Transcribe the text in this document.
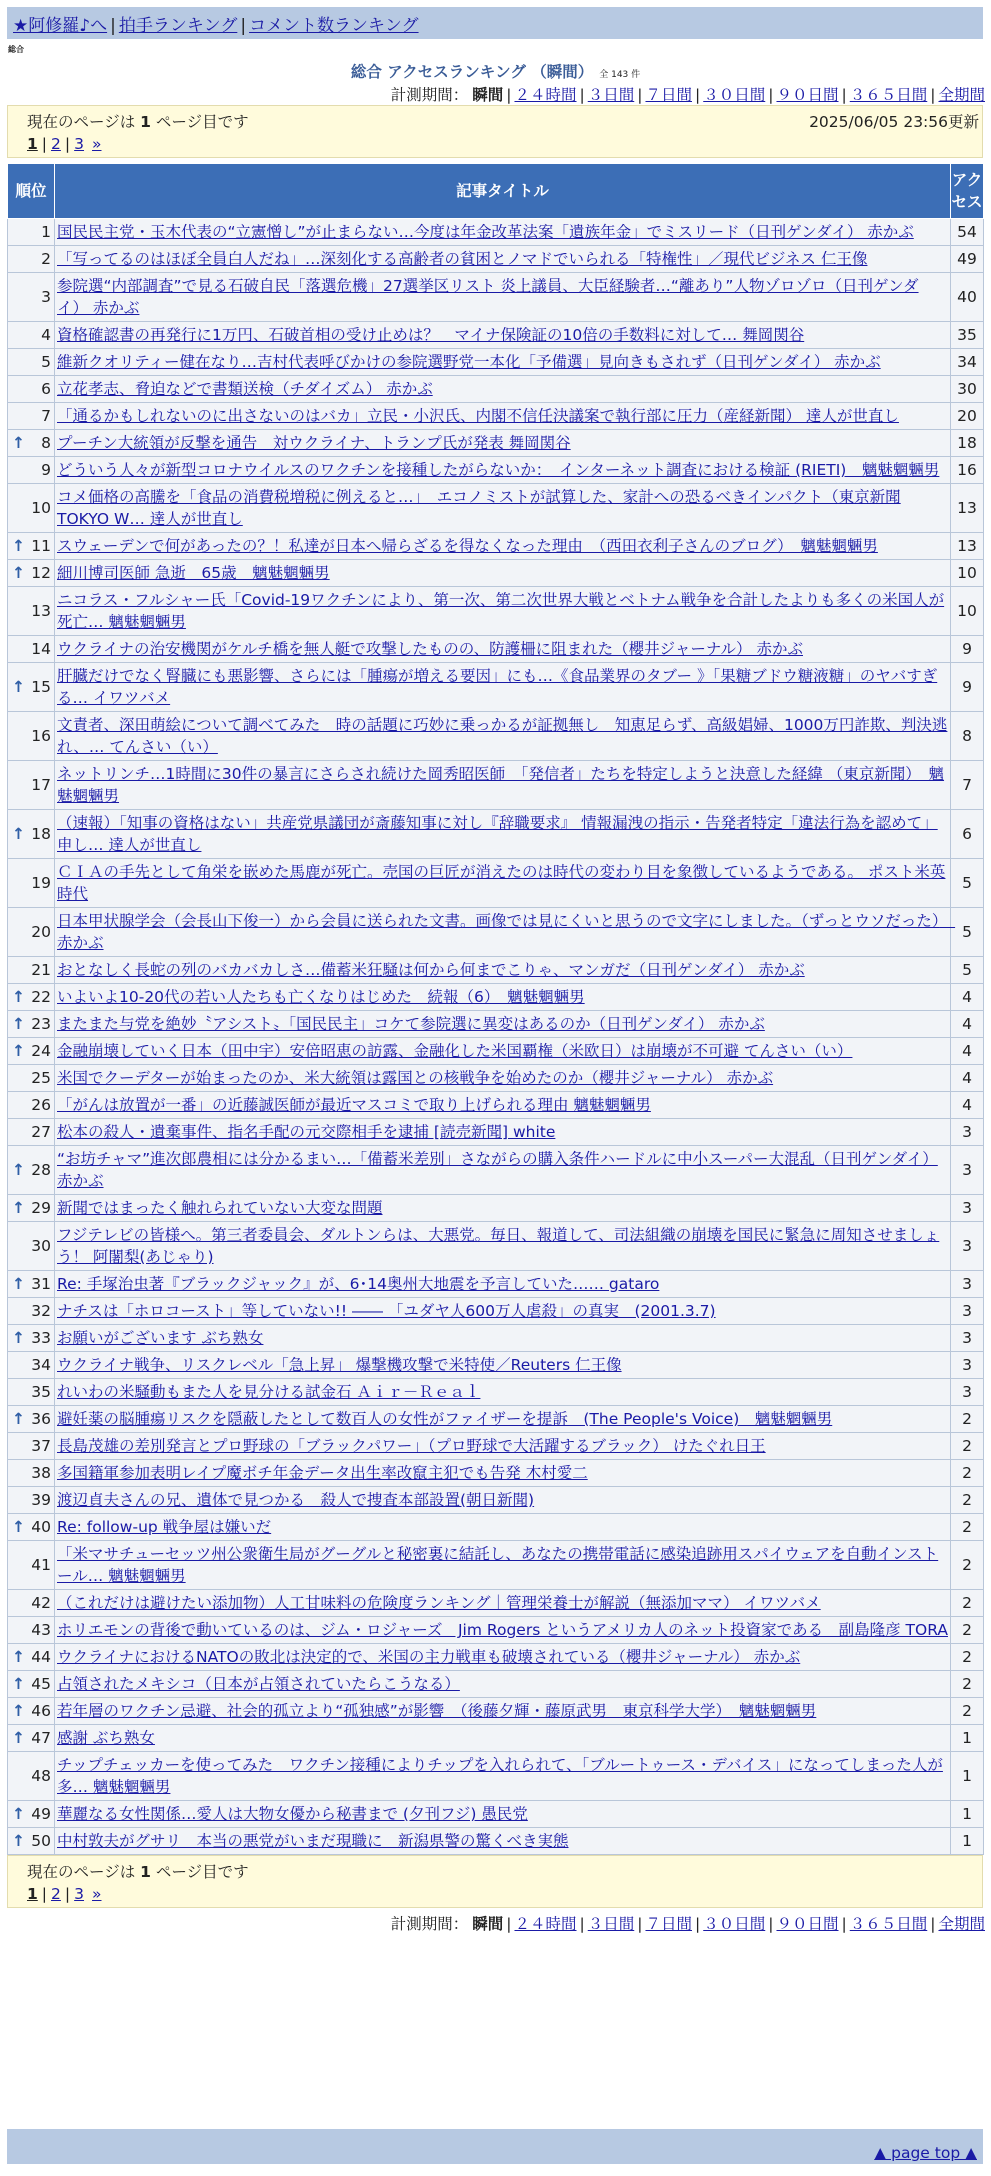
★阿修羅♪へ | 拍手ランキング | コメント数ランキング
総合
総合 アクセスランキング （瞬間） 全 143 件
計測期間： 瞬間 | ２４時間 | ３日間 | ７日間 | ３０日間 | ９０日間 | ３６５日間 | 全期間
現在のページは 1 ページ目です	2025/06/05 23:56更新
1 | 2 | 3 »
順位	記事タイトル	アクセス
1	国民民主党・玉木代表の“立憲憎し”が止まらない…今度は年金改革法案「遺族年金」でミスリード（日刊ゲンダイ） 赤かぶ	54
2	「写ってるのはほぼ全員白人だね」…深刻化する高齢者の貧困とノマドでいられる「特権性」／現代ビジネス 仁王像	49
3	参院選“内部調査”で見る石破自民「落選危機」27選挙区リスト 炎上議員、大臣経験者…“離あり”人物ゾロゾロ（日刊ゲンダイ） 赤かぶ	40
4	資格確認書の再発行に1万円、石破首相の受け止めは？　マイナ保険証の10倍の手数料に対して… 舞岡関谷	35
5	維新クオリティー健在なり…吉村代表呼びかけの参院選野党一本化「予備選」見向きもされず（日刊ゲンダイ） 赤かぶ	34
6	立花孝志、脅迫などで書類送検（チダイズム） 赤かぶ	30
7	「通るかもしれないのに出さないのはバカ」立民・小沢氏、内閣不信任決議案で執行部に圧力（産経新聞） 達人が世直し	20

↑ 8	プーチン大統領が反撃を通告　対ウクライナ、トランプ氏が発表 舞岡関谷	18
9	どういう人々が新型コロナウイルスのワクチンを接種したがらないか：　インターネット調査における検証 (RIETI)　魑魅魍魎男	16
10	コメ価格の高騰を「食品の消費税増税に例えると…」　エコノミストが試算した、家計への恐るべきインパクト（東京新聞TOKYO W… 達人が世直し	13

↑ 11	スウェーデンで何があったの？！私達が日本へ帰らざるを得なくなった理由　（西田衣利子さんのブログ）　魑魅魍魎男	13

↑ 12	細川博司医師 急逝　65歳　魑魅魍魎男	10
13	ニコラス・フルシャー氏「Covid-19ワクチンにより、第一次、第二次世界大戦とベトナム戦争を合計したよりも多くの米国人が死亡… 魑魅魍魎男	10
14	ウクライナの治安機関がケルチ橋を無人艇で攻撃したものの、防護柵に阻まれた（櫻井ジャーナル） 赤かぶ	9

↑ 15	肝臓だけでなく腎臓にも悪影響、さらには「腫瘍が増える要因」にも…《食品業界のタブー 》「果糖ブドウ糖液糖」のヤバすぎる… イワツバメ	9
16	文責者、深田萌絵について調べてみた　時の話題に巧妙に乗っかるが証拠無し　知恵足らず、高級娼婦、1000万円詐欺、判決逃れ、… てんさい（い）	8
17	ネットリンチ…1時間に30件の暴言にさらされ続けた岡秀昭医師　「発信者」たちを特定しようと決意した経緯 （東京新聞）　魑魅魍魎男	7

↑ 18	（速報）「知事の資格はない」共産党県議団が斎藤知事に対し『辞職要求』 情報漏洩の指示・告発者特定「違法行為を認めて」申し… 達人が世直し	6
19	ＣＩＡの手先として角栄を嵌めた馬鹿が死亡。売国の巨匠が消えたのは時代の変わり目を象徴しているようである。 ポスト米英時代	5
20	日本甲状腺学会（会長山下俊一）から会員に送られた文書。画像では見にくいと思うので文字にしました。（ずっとウソだった）　赤かぶ	5
21	おとなしく長蛇の列のバカバカしさ…備蓄米狂騒は何から何までこりゃ、マンガだ（日刊ゲンダイ） 赤かぶ	5

↑ 22	いよいよ10-20代の若い人たちも亡くなりはじめた　続報（6）　魑魅魍魎男	4

↑ 23	またまた与党を絶妙〝アシスト〟「国民民主」コケて参院選に異変はあるのか（日刊ゲンダイ） 赤かぶ	4

↑ 24	金融崩壊していく日本（田中宇）安倍昭恵の訪露、金融化した米国覇権（米欧日）は崩壊が不可避 てんさい（い）	4
25	米国でクーデターが始まったのか、米大統領は露国との核戦争を始めたのか（櫻井ジャーナル） 赤かぶ	4
26	「がんは放置が一番」の近藤誠医師が最近マスコミで取り上げられる理由 魑魅魍魎男	4
27	松本の殺人・遺棄事件、指名手配の元交際相手を逮捕 [読売新聞] white	3

↑ 28	“お坊チャマ”進次郎農相には分かるまい…「備蓄米差別」さながらの購入条件ハードルに中小スーパー大混乱（日刊ゲンダイ） 赤かぶ	3

↑ 29	新聞ではまったく触れられていない大変な問題	3
30	フジテレビの皆様へ。第三者委員会、ダルトンらは、大悪党。毎日、報道して、司法組織の崩壊を国民に緊急に周知させましょう！ 阿闍梨(あじゃり)	3

↑ 31	Re: 手塚治虫著『ブラックジャック』が、6･14奥州大地震を予言していた…… gataro	3
32	ナチスは「ホロコースト」等していない!! ―― 「ユダヤ人600万人虐殺」の真実　(2001.3.7)	3

↑ 33	お願いがございます ぶち熟女	3
34	ウクライナ戦争、リスクレベル「急上昇」 爆撃機攻撃で米特使／Reuters 仁王像	3
35	れいわの米騒動もまた人を見分ける試金石 Ａｉｒ－Ｒｅａｌ	3

↑ 36	避妊薬の脳腫瘍リスクを隠蔽したとして数百人の女性がファイザーを提訴　(The People's Voice)　魑魅魍魎男	2
37	長島茂雄の差別発言とプロ野球の「ブラックパワー」（プロ野球で大活躍するブラック） けたぐれ日王	2
38	多国籍軍参加表明レイプ魔ボチ年金データ出生率改竄主犯でも告発 木村愛二	2
39	渡辺貞夫さんの兄、遺体で見つかる　殺人で捜査本部設置(朝日新聞)	2

↑ 40	Re: follow-up 戦争屋は嫌いだ	2
41	「米マサチューセッツ州公衆衛生局がグーグルと秘密裏に結託し、あなたの携帯電話に感染追跡用スパイウェアを自動インストール… 魑魅魍魎男	2
42	（これだけは避けたい添加物）人工甘味料の危険度ランキング｜管理栄養士が解説（無添加ママ） イワツバメ	2
43	ホリエモンの背後で動いているのは、ジム・ロジャーズ　Jim Rogers というアメリカ人のネット投資家である　副島隆彦 TORA	2

↑ 44	ウクライナにおけるNATOの敗北は決定的で、米国の主力戦車も破壊されている（櫻井ジャーナル） 赤かぶ	2

↑ 45	占領されたメキシコ（日本が占領されていたらこうなる）	2

↑ 46	若年層のワクチン忌避、社会的孤立より“孤独感”が影響　（後藤夕輝・藤原武男　東京科学大学）　魑魅魍魎男	2

↑ 47	感謝 ぶち熟女	1
48	チップチェッカーを使ってみた　ワクチン接種によりチップを入れられて、「ブルートゥース・デバイス」になってしまった人が多… 魑魅魍魎男	1

↑ 49	華麗なる女性関係…愛人は大物女優から秘書まで (夕刊フジ) 愚民党	1

↑ 50	中村敦夫がグサリ　本当の悪党がいまだ現職に　新潟県警の驚くべき実態	1
現在のページは 1 ページ目です
1 | 2 | 3 »
計測期間： 瞬間 | ２４時間 | ３日間 | ７日間 | ３０日間 | ９０日間 | ３６５日間 | 全期間
▲ page top ▲
